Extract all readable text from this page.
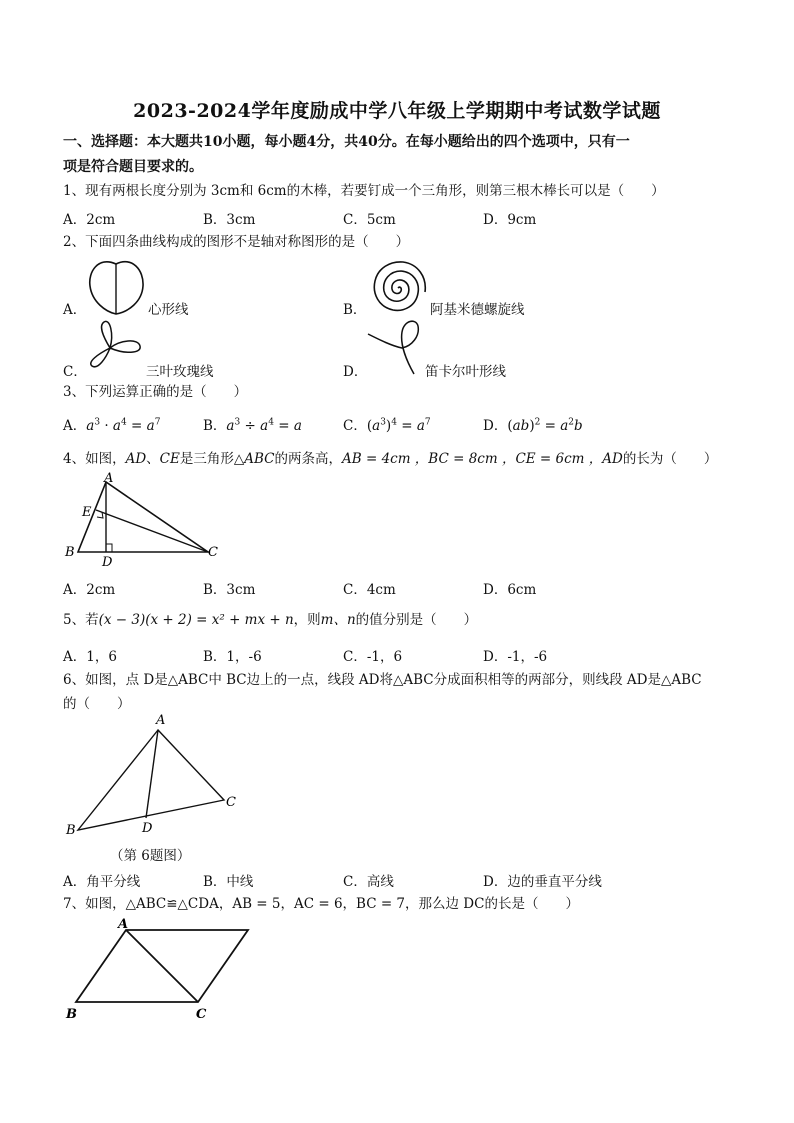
2023-2024学年度励成中学八年级上学期期中考试数学试题
一、选择题：本大题共10小题，每小题4分，共40分。在每小题给出的四个选项中，只有一
项是符合题目要求的。
1、现有两根长度分别为 3cm和 6cm的木棒，若要钉成一个三角形，则第三根木棒长可以是（　　）
A．2cm	B．3cm	C．5cm	D．9cm
2、下面四条曲线构成的图形不是轴对称图形的是（　　）
A．	心形线	B．	阿基米德螺旋线
C．	三叶玫瑰线	D．	笛卡尔叶形线
3、下列运算正确的是（　　）
A．$a^3 \cdot a^4 = a^7$	B．$a^3 \div a^4 = a$	C．$(a^3)^4 = a^7$	D．$(ab)^2 = a^2b$
4、如图，AD、CE是三角形△ABC的两条高，AB = 4cm ，BC = 8cm ，CE = 6cm ，AD的长为（　　）
A
E
B
D
C
A．2cm	B．3cm	C．4cm	D．6cm
5、若(x − 3)(x + 2) = x² + mx + n，则m、n的值分别是（　　）
A．1，6	B．1，-6	C．-1，6	D．-1，-6
6、如图，点 D是△ABC中 BC边上的一点，线段 AD将△ABC分成面积相等的两部分，则线段 AD是△ABC
的（　　）
A
B	D
C
（第 6题图）
A．角平分线	B．中线	C．高线	D．边的垂直平分线
7、如图，△ABC≌△CDA，AB = 5，AC = 6，BC = 7，那么边 DC的长是（　　）
A
B	C
